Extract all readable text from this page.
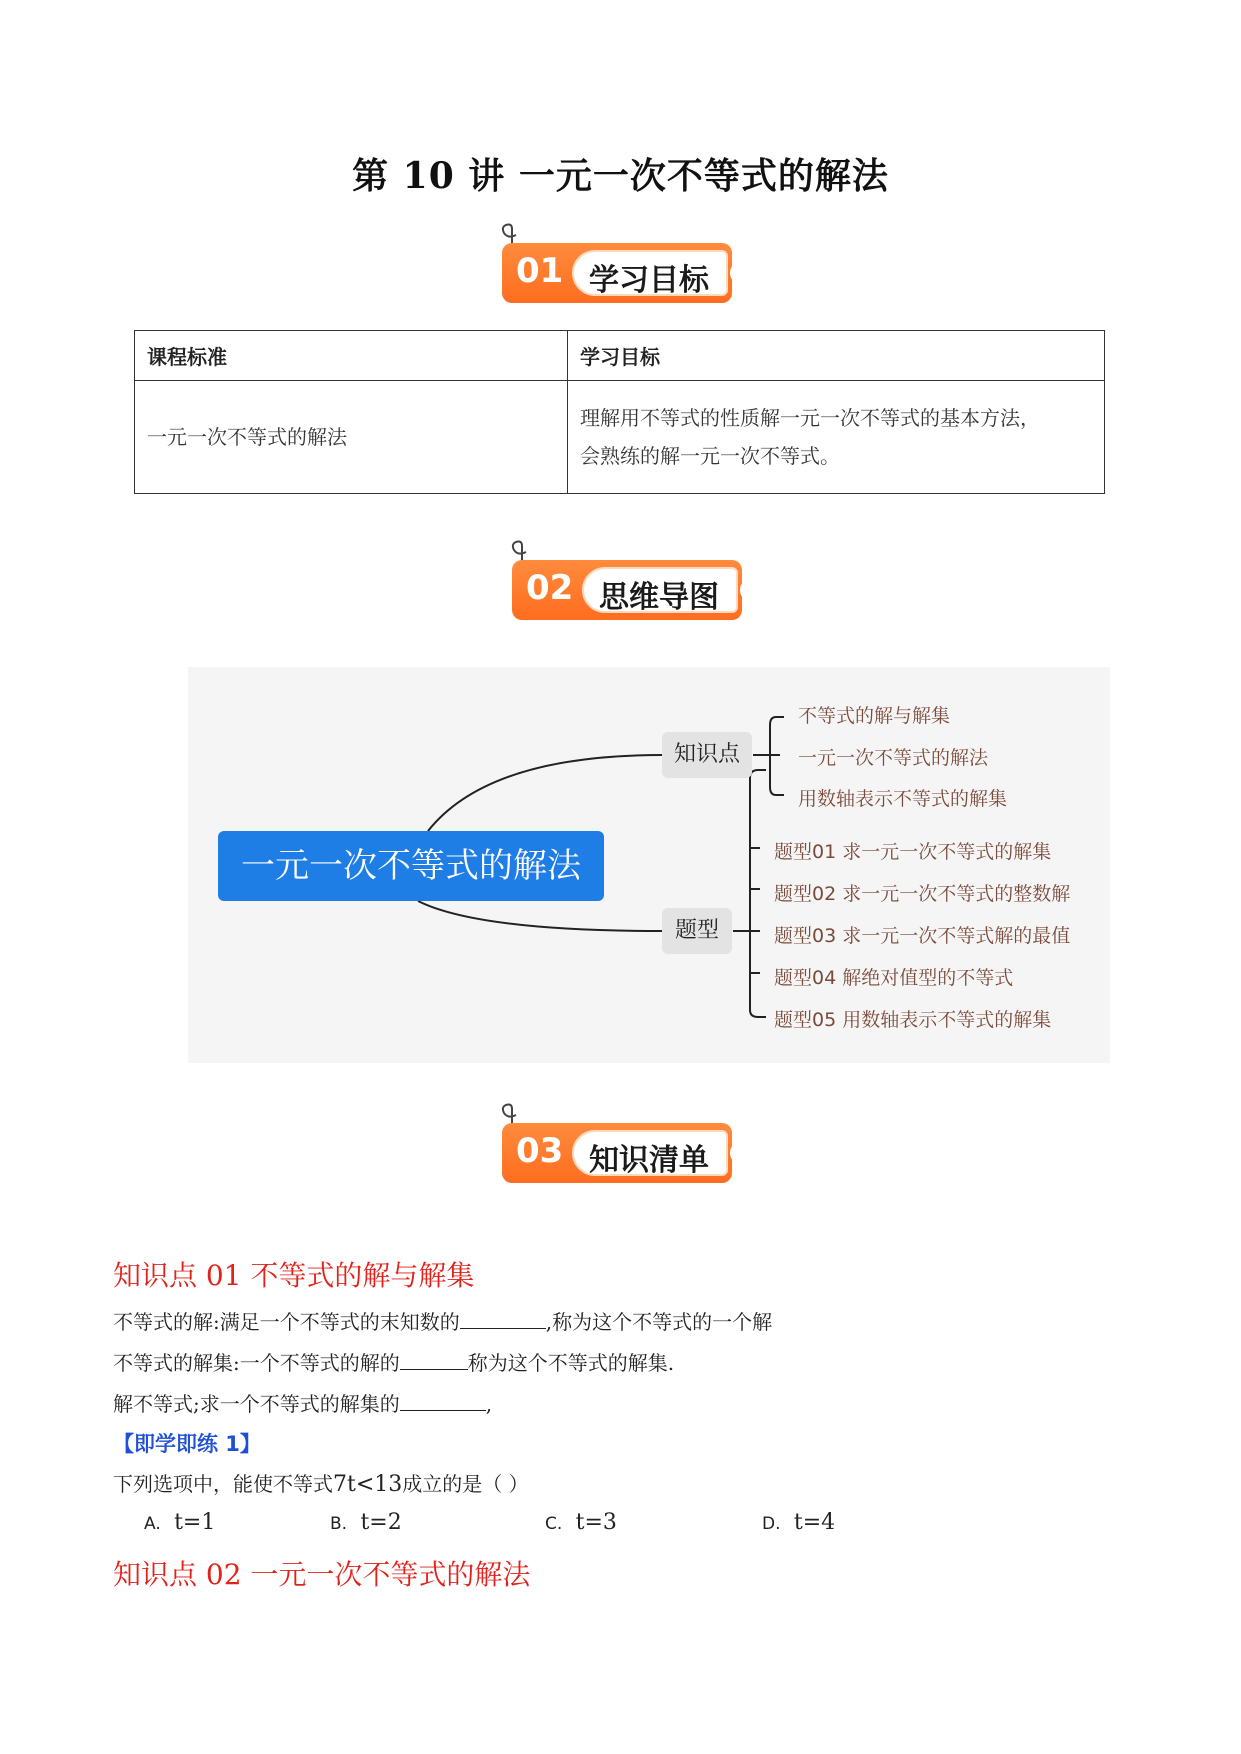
第 10 讲 一元一次不等式的解法
01 学习目标
课程标准	学习目标
一元一次不等式的解法	理解用不等式的性质解一元一次不等式的基本方法，
会熟练的解一元一次不等式。
02 思维导图
一元一次不等式的解法
知识点
题型
不等式的解与解集
一元一次不等式的解法
用数轴表示不等式的解集
题型01 求一元一次不等式的解集
题型02 求一元一次不等式的整数解
题型03 求一元一次不等式解的最值
题型04 解绝对值型的不等式
题型05 用数轴表示不等式的解集
03 知识清单
知识点 01 不等式的解与解集
不等式的解:满足一个不等式的末知数的	,称为这个不等式的一个解
不等式的解集:一个不等式的解的	称为这个不等式的解集.
解不等式;求一个不等式的解集的	,
【即学即练 1】
下列选项中，能使不等式7t<13成立的是（ ）
A. t=1	B. t=2	C. t=3	D. t=4
知识点 02 一元一次不等式的解法
